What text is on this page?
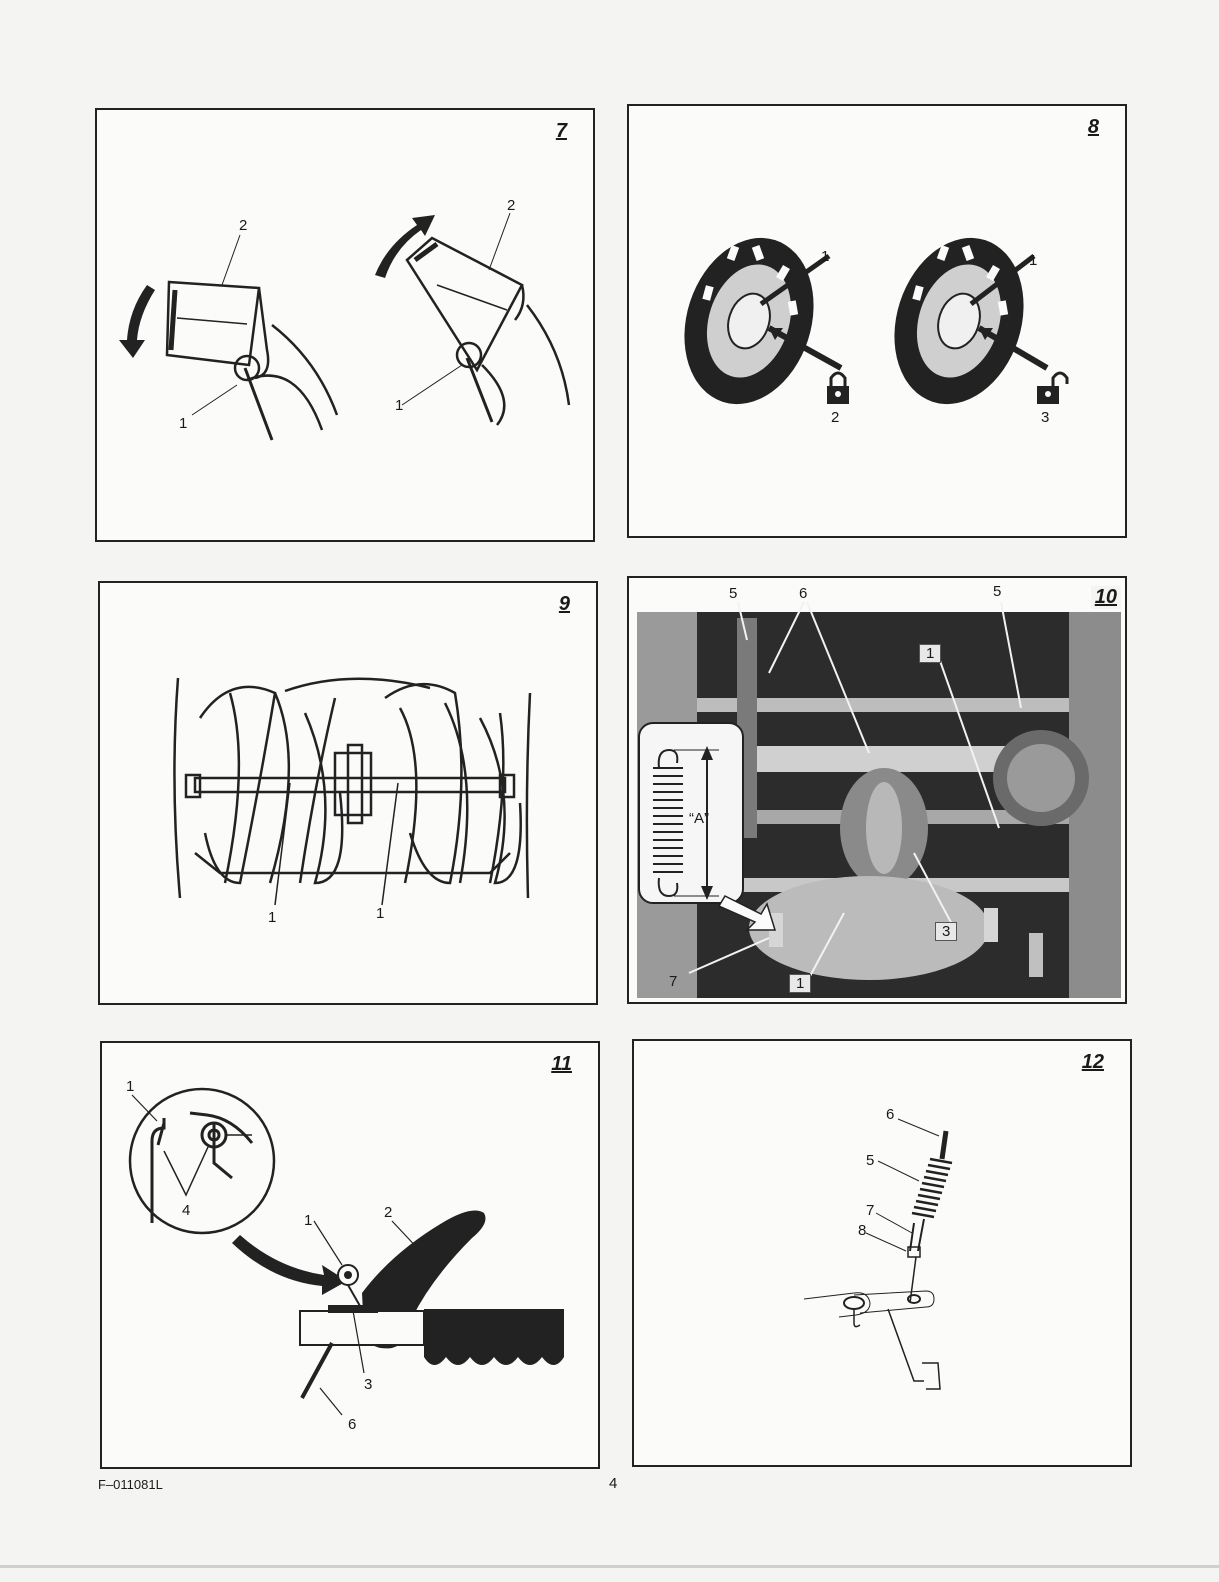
7
2
1
2
1
8
1
2
1
3
9
1	1
10
5	6	5
1
“A”
3
7	1
11
1
4
1	2
3
6
12
6
5
7
8
F–011081L	4
